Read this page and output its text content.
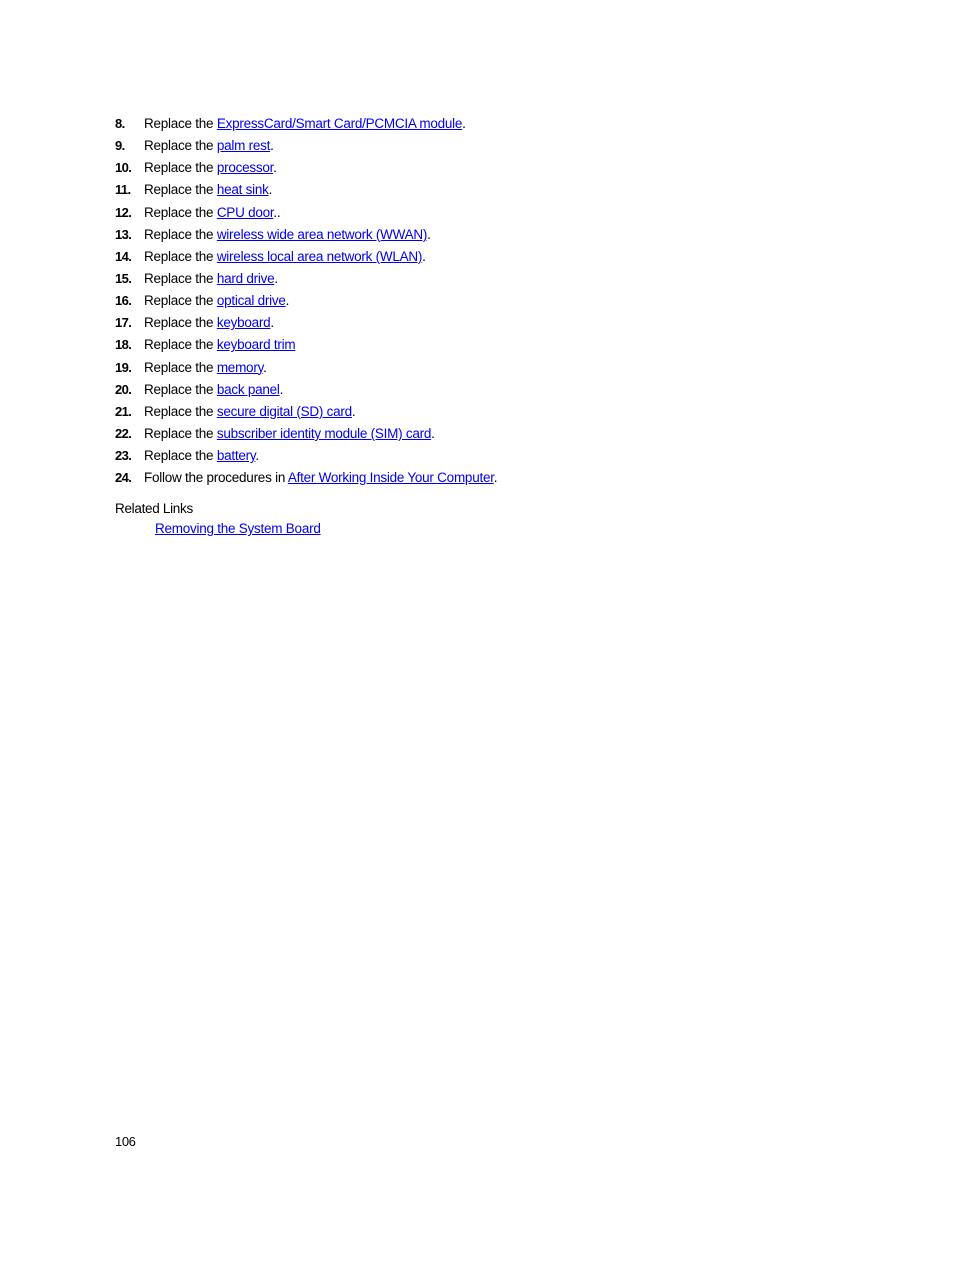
8. Replace the ExpressCard/Smart Card/PCMCIA module.
9. Replace the palm rest.
10. Replace the processor.
11. Replace the heat sink.
12. Replace the CPU door..
13. Replace the wireless wide area network (WWAN).
14. Replace the wireless local area network (WLAN).
15. Replace the hard drive.
16. Replace the optical drive.
17. Replace the keyboard.
18. Replace the keyboard trim
19. Replace the memory.
20. Replace the back panel.
21. Replace the secure digital (SD) card.
22. Replace the subscriber identity module (SIM) card.
23. Replace the battery.
24. Follow the procedures in After Working Inside Your Computer.
Related Links
Removing the System Board
106
